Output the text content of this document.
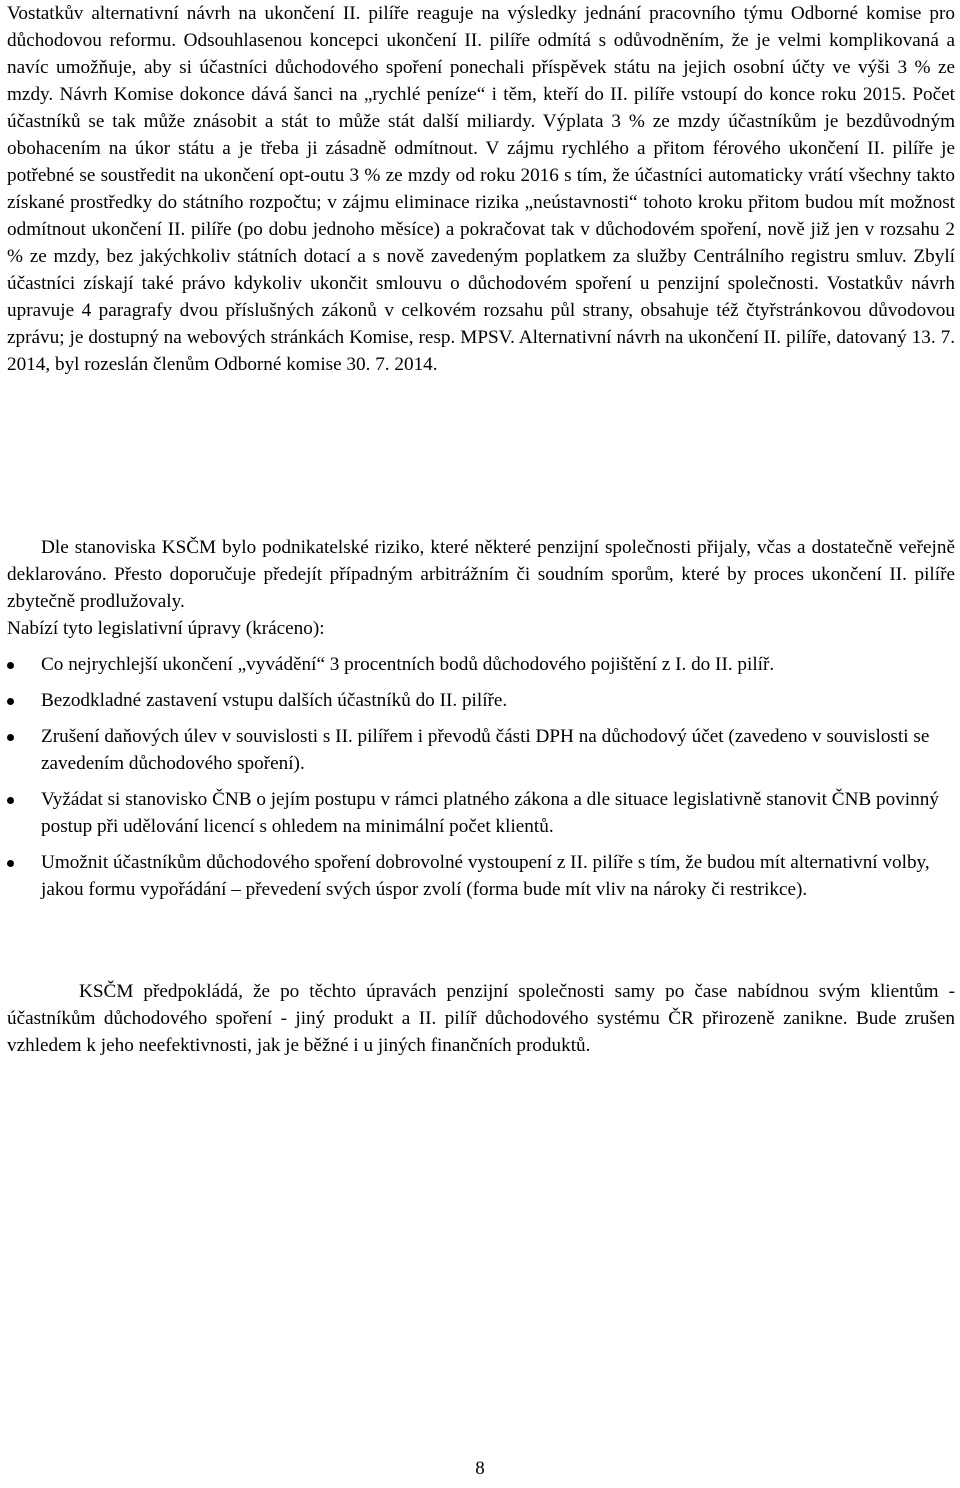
Vostatkův alternativní návrh na ukončení II. pilíře reaguje na výsledky jednání pracovního týmu Odborné komise pro důchodovou reformu. Odsouhlasenou koncepci ukončení II. pilíře odmítá s odůvodněním, že je velmi komplikovaná a navíc umožňuje, aby si účastníci důchodového spoření ponechali příspěvek státu na jejich osobní účty ve výši 3 % ze mzdy. Návrh Komise dokonce dává šanci na „rychlé peníze“ i těm, kteří do II. pilíře vstoupí do konce roku 2015. Počet účastníků se tak může znásobit a stát to může stát další miliardy. Výplata 3 % ze mzdy účastníkům je bezdůvodným obohacením na úkor státu a je třeba ji zásadně odmítnout. V zájmu rychlého a přitom férového ukončení II. pilíře je potřebné se soustředit na ukončení opt-outu 3 % ze mzdy od roku 2016 s tím, že účastníci automaticky vrátí všechny takto získané prostředky do státního rozpočtu; v zájmu eliminace rizika „neústavnosti“ tohoto kroku přitom budou mít možnost odmítnout ukončení II. pilíře (po dobu jednoho měsíce) a pokračovat tak v důchodovém spoření, nově již jen v rozsahu 2 % ze mzdy, bez jakýchkoliv státních dotací a s nově zavedeným poplatkem za služby Centrálního registru smluv. Zbylí účastníci získají také právo kdykoliv ukončit smlouvu o důchodovém spoření u penzijní společnosti. Vostatkův návrh upravuje 4 paragrafy dvou příslušných zákonů v celkovém rozsahu půl strany, obsahuje též čtyřstránkovou důvodovou zprávu; je dostupný na webových stránkách Komise, resp. MPSV. Alternativní návrh na ukončení II. pilíře, datovaný 13. 7. 2014, byl rozeslán členům Odborné komise 30. 7. 2014.

Dle stanoviska KSČM bylo podnikatelské riziko, které některé penzijní společnosti přijaly, včas a dostatečně veřejně deklarováno. Přesto doporučuje předejít případným arbitrážním či soudním sporům, které by proces ukončení II. pilíře zbytečně prodlužovaly.

Nabízí tyto legislativní úpravy (kráceno):

Co nejrychlejší ukončení „vyvádění“ 3 procentních bodů důchodového pojištění z I. do II. pilíř.
Bezodkladné zastavení vstupu dalších účastníků do II. pilíře.
Zrušení daňových úlev v souvislosti s II. pilířem i převodů části DPH na důchodový účet (zavedeno v souvislosti se zavedením důchodového spoření).
Vyžádat si stanovisko ČNB o jejím postupu v rámci platného zákona a dle situace legislativně stanovit ČNB povinný postup při udělování licencí s ohledem na minimální počet klientů.
Umožnit účastníkům důchodového spoření dobrovolné vystoupení z II. pilíře s tím, že budou mít alternativní volby, jakou formu vypořádání – převedení svých úspor zvolí (forma bude mít vliv na nároky či restrikce).

KSČM předpokládá, že po těchto úpravách penzijní společnosti samy po čase nabídnou svým klientům - účastníkům důchodového spoření - jiný produkt a II. pilíř důchodového systému ČR přirozeně zanikne. Bude zrušen vzhledem k jeho neefektivnosti, jak je běžné i u jiných finančních produktů.

8
